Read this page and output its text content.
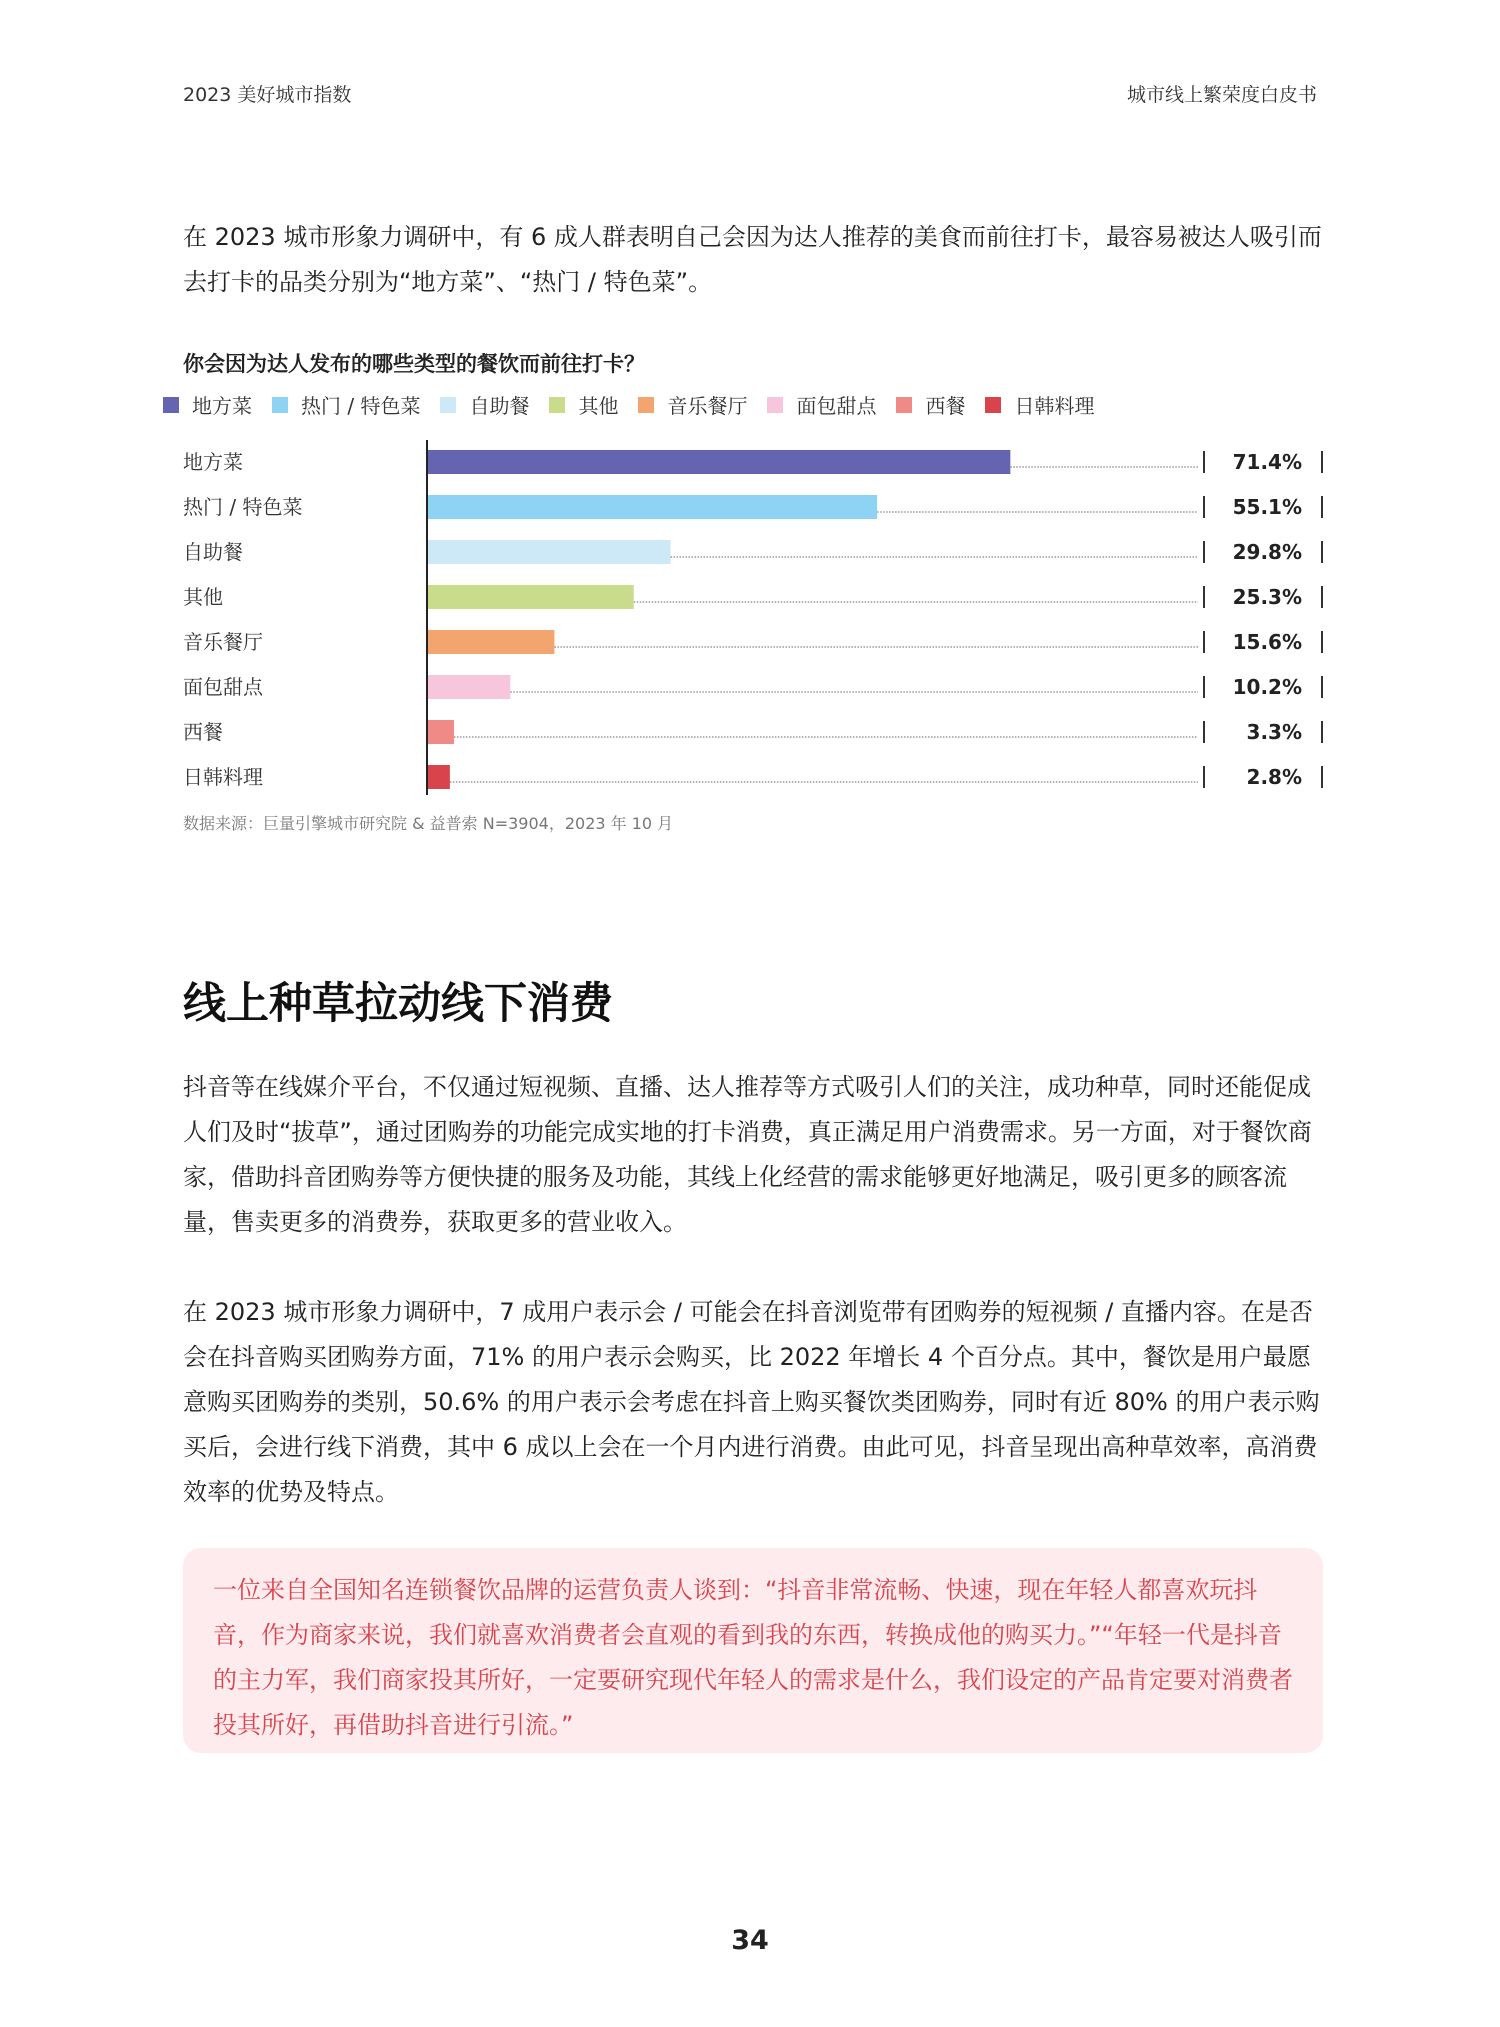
2023 美好城市指数	城市线上繁荣度白皮书
在 2023 城市形象力调研中，有 6 成人群表明自己会因为达人推荐的美食而前往打卡，最容易被达人吸引而去打卡的品类分别为“地方菜”、“热门 / 特色菜”。
你会因为达人发布的哪些类型的餐饮而前往打卡？
地方菜 热门 / 特色菜 自助餐 其他 音乐餐厅 面包甜点 西餐 日韩料理
地方菜	71.4%
热门 / 特色菜	55.1%
自助餐	29.8%
其他	25.3%
音乐餐厅	15.6%
面包甜点	10.2%
西餐	3.3%
日韩料理	2.8%
数据来源：巨量引擎城市研究院 & 益普索 N=3904，2023 年 10 月
线上种草拉动线下消费
抖音等在线媒介平台，不仅通过短视频、直播、达人推荐等方式吸引人们的关注，成功种草，同时还能促成人们及时“拔草”，通过团购券的功能完成实地的打卡消费，真正满足用户消费需求。另一方面，对于餐饮商家，借助抖音团购券等方便快捷的服务及功能，其线上化经营的需求能够更好地满足，吸引更多的顾客流量，售卖更多的消费券，获取更多的营业收入。
在 2023 城市形象力调研中，7 成用户表示会 / 可能会在抖音浏览带有团购券的短视频 / 直播内容。在是否会在抖音购买团购券方面，71% 的用户表示会购买，比 2022 年增长 4 个百分点。其中，餐饮是用户最愿意购买团购券的类别，50.6% 的用户表示会考虑在抖音上购买餐饮类团购券，同时有近 80% 的用户表示购买后，会进行线下消费，其中 6 成以上会在一个月内进行消费。由此可见，抖音呈现出高种草效率，高消费效率的优势及特点。
一位来自全国知名连锁餐饮品牌的运营负责人谈到：“抖音非常流畅、快速，现在年轻人都喜欢玩抖音，作为商家来说，我们就喜欢消费者会直观的看到我的东西，转换成他的购买力。”“年轻一代是抖音的主力军，我们商家投其所好，一定要研究现代年轻人的需求是什么，我们设定的产品肯定要对消费者投其所好，再借助抖音进行引流。”
34
